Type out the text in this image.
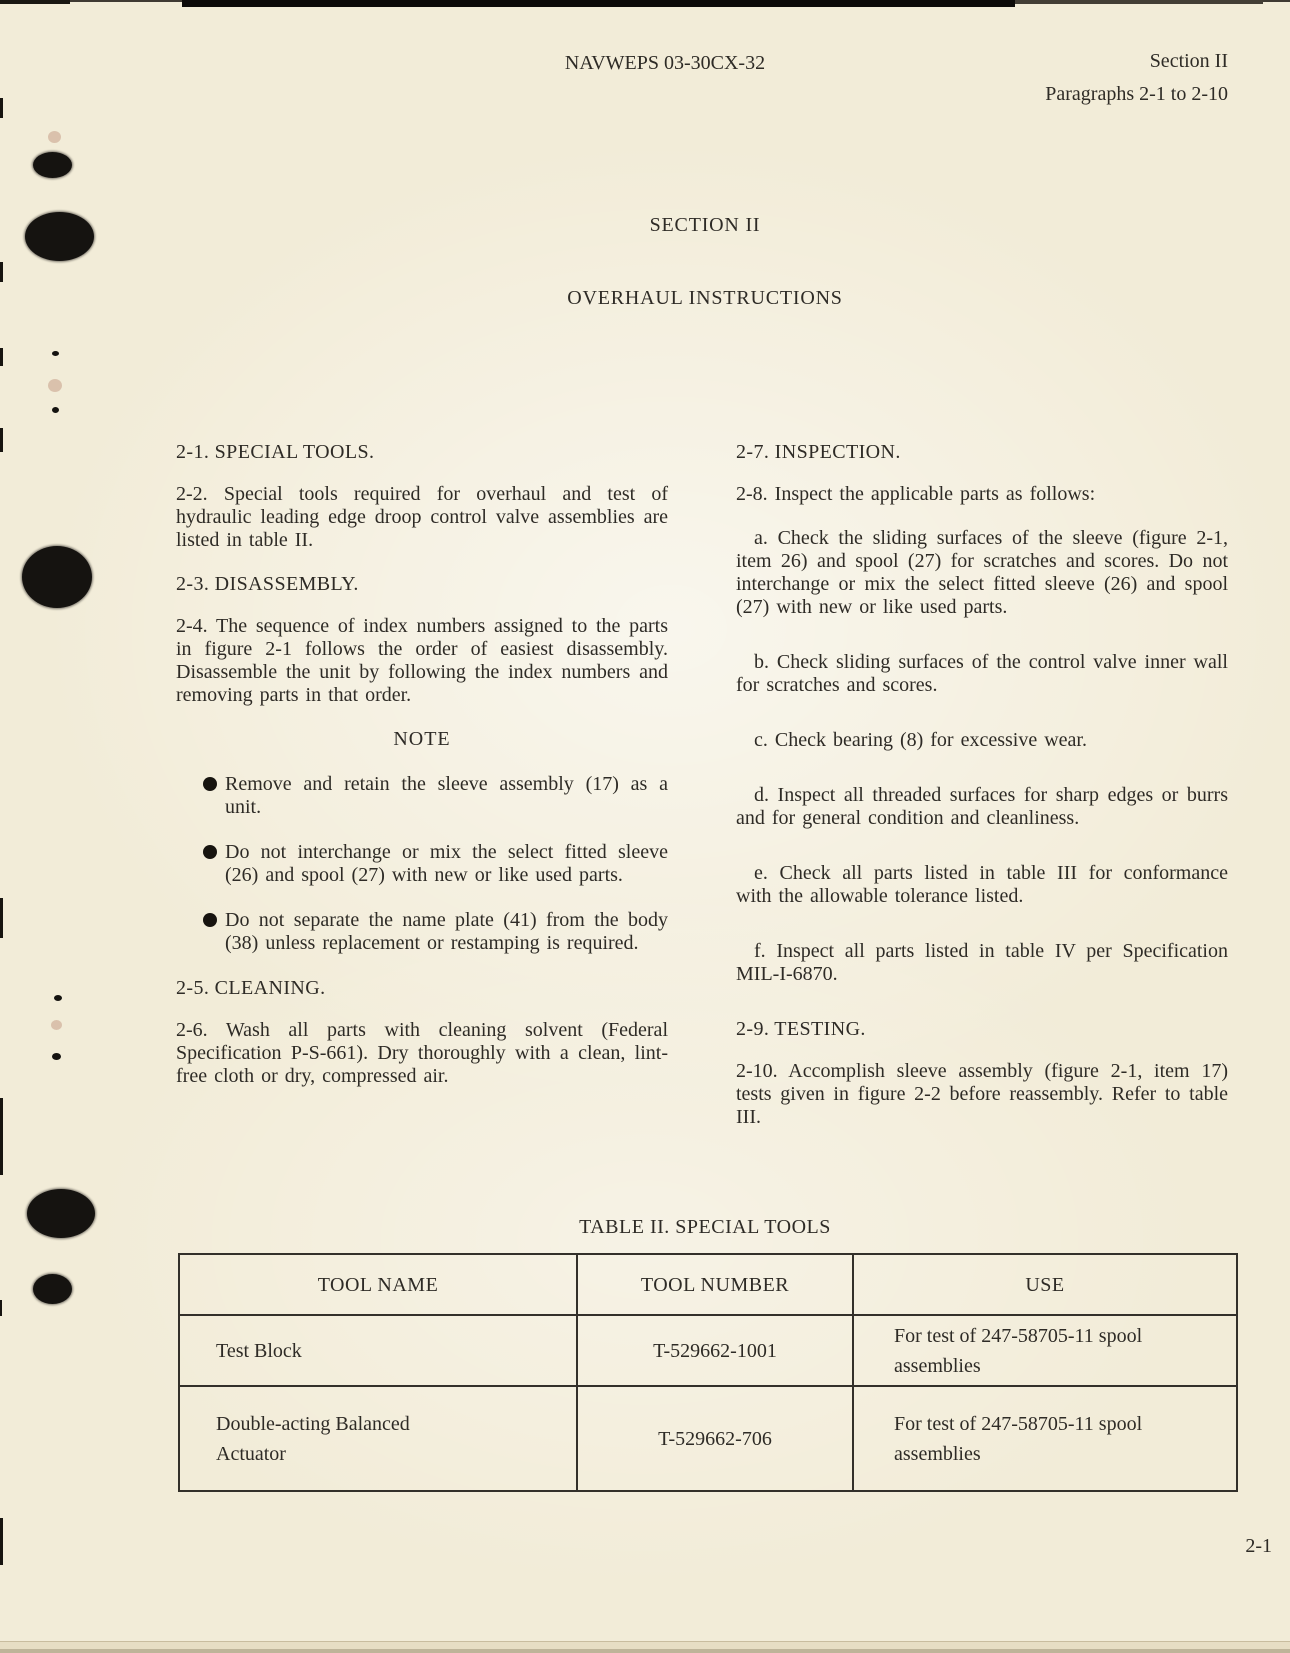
NAVWEPS 03-30CX-32	Section II
Paragraphs 2-1 to 2-10
SECTION II
OVERHAUL INSTRUCTIONS

2-1. SPECIAL TOOLS.

2-2. Special tools required for overhaul and test of hydraulic leading edge droop control valve assemblies are listed in table II.

2-3. DISASSEMBLY.

2-4. The sequence of index numbers assigned to the parts in figure 2-1 follows the order of easiest disassembly. Disassemble the unit by following the index numbers and removing parts in that order.

NOTE

Remove and retain the sleeve assembly (17) as a unit.
Do not interchange or mix the select fitted sleeve (26) and spool (27) with new or like used parts.
Do not separate the name plate (41) from the body (38) unless replacement or restamping is required.

2-5. CLEANING.

2-6. Wash all parts with cleaning solvent (Federal Specification P-S-661). Dry thoroughly with a clean, lint-free cloth or dry, compressed air.

2-7. INSPECTION.

2-8. Inspect the applicable parts as follows:

a. Check the sliding surfaces of the sleeve (figure 2-1, item 26) and spool (27) for scratches and scores. Do not interchange or mix the select fitted sleeve (26) and spool (27) with new or like used parts.

b. Check sliding surfaces of the control valve inner wall for scratches and scores.

c. Check bearing (8) for excessive wear.

d. Inspect all threaded surfaces for sharp edges or burrs and for general condition and cleanliness.

e. Check all parts listed in table III for conformance with the allowable tolerance listed.

f. Inspect all parts listed in table IV per Specification MIL-I-6870.

2-9. TESTING.

2-10. Accomplish sleeve assembly (figure 2-1, item 17) tests given in figure 2-2 before reassembly. Refer to table III.

TABLE II. SPECIAL TOOLS
TOOL NAME	TOOL NUMBER	USE
Test Block	T-529662-1001	For test of 247-58705-11 spool assemblies
Double-acting Balanced Actuator	T-529662-706	For test of 247-58705-11 spool assemblies
2-1
